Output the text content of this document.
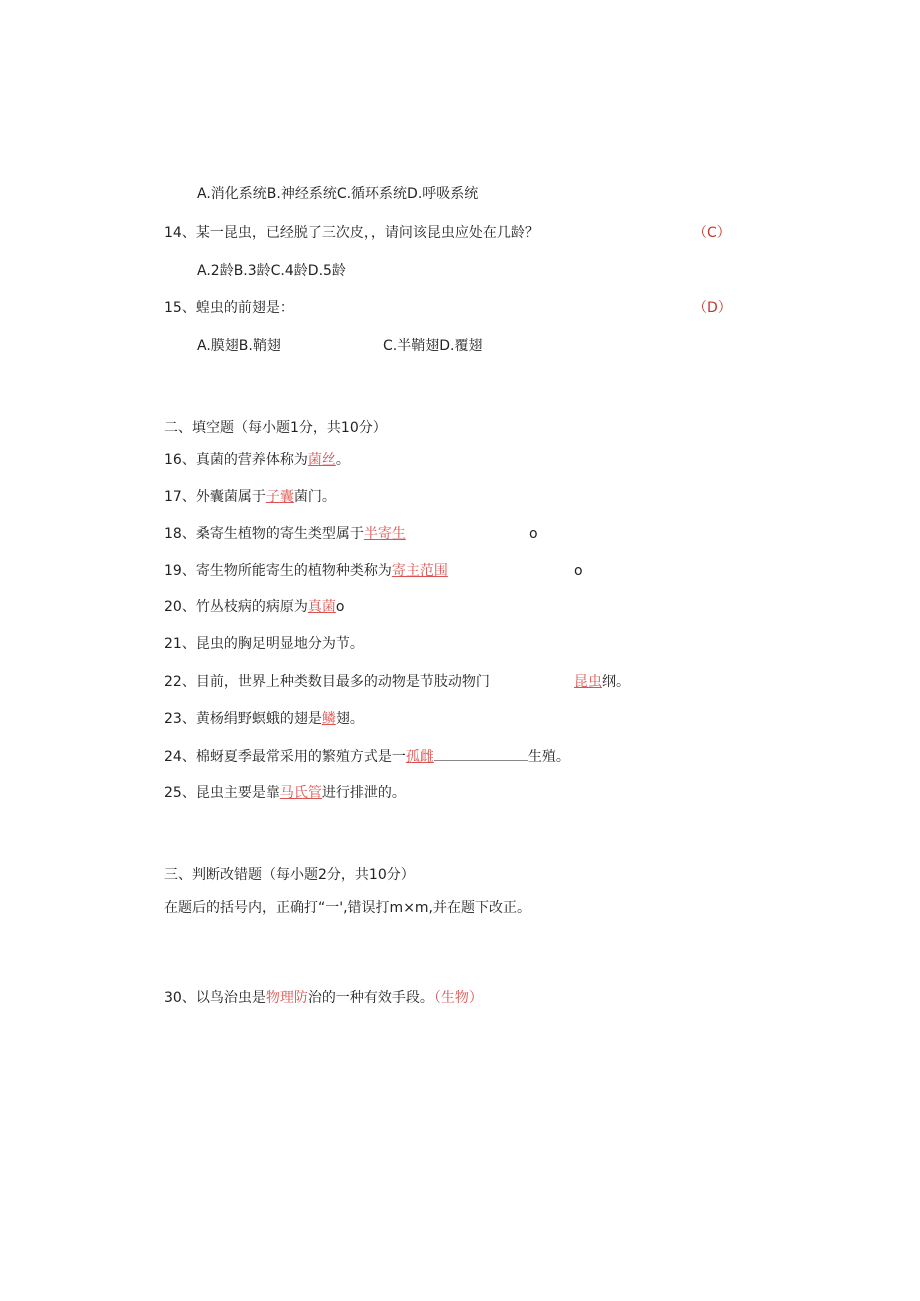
A.消化系统B.神经系统C.循环系统D.呼吸系统
14、某一昆虫，已经脱了三次皮，，请问该昆虫应处在几龄？	（C）
A.2龄B.3龄C.4龄D.5龄
15、蝗虫的前翅是：	（D）
A.膜翅B.鞘翅	C.半鞘翅D.覆翅
二、填空题（每小题1分，共10分）
16、真菌的营养体称为菌丝。
17、外囊菌属于子囊菌门。
18、桑寄生植物的寄生类型属于半寄生	o
19、寄生物所能寄生的植物种类称为寄主范围	o
20、竹丛枝病的病原为真菌o
21、昆虫的胸足明显地分为节。
22、目前，世界上种类数目最多的动物是节肢动物门	昆虫纲。
23、黄杨绢野螟蛾的翅是鳞翅。
24、棉蚜夏季最常采用的繁殖方式是一孤雌	生殖。
25、昆虫主要是靠马氏管进行排泄的。
三、判断改错题（每小题2分，共10分）
在题后的括号内，正确打“一',错误打m×m,并在题下改正。
30、以鸟治虫是物理防治的一种有效手段。（生物）
